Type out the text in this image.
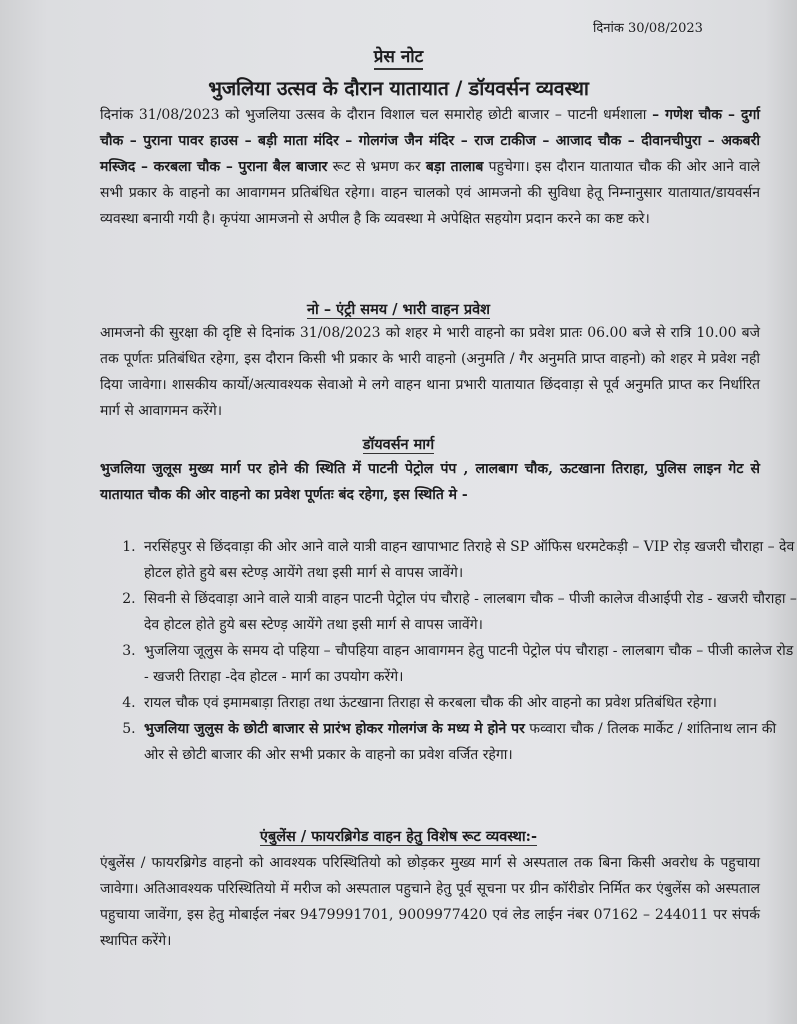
दिनांक 30/08/2023
प्रेस नोट
भुजलिया उत्सव के दौरान यातायात / डॉयवर्सन व्यवस्था
दिनांक 31/08/2023 को भुजलिया उत्सव के दौरान विशाल चल समारोह छोटी बाजार – पाटनी धर्मशाला – गणेश चौक – दुर्गा चौक – पुराना पावर हाउस – बड़ी माता मंदिर – गोलगंज जैन मंदिर – राज टाकीज – आजाद चौक – दीवानचीपुरा – अकबरी मस्जिद – करबला चौक – पुराना बैल बाजार रूट से भ्रमण कर बड़ा तालाब पहुचेगा। इस दौरान यातायात चौक की ओर आने वाले सभी प्रकार के वाहनो का आवागमन प्रतिबंधित रहेगा। वाहन चालको एवं आमजनो की सुविधा हेतू निम्नानुसार यातायात/डायवर्सन व्यवस्था बनायी गयी है। कृपंया आमजनो से अपील है कि व्यवस्था मे अपेक्षित सहयोग प्रदान करने का कष्ट करे।
नो – एंट्री समय / भारी वाहन प्रवेश
आमजनो की सुरक्षा की दृष्टि से दिनांक 31/08/2023 को शहर मे भारी वाहनो का प्रवेश प्रातः 06.00 बजे से रात्रि 10.00 बजे तक पूर्णतः प्रतिबंधित रहेगा, इस दौरान किसी भी प्रकार के भारी वाहनो (अनुमति / गैर अनुमति प्राप्त वाहनो) को शहर मे प्रवेश नही दिया जावेगा। शासकीय कार्यो/अत्यावश्यक सेवाओ मे लगे वाहन थाना प्रभारी यातायात छिंदवाड़ा से पूर्व अनुमति प्राप्त कर निर्धारित मार्ग से आवागमन करेंगे।
डॉयवर्सन मार्ग
भुजलिया जुलूस मुख्य मार्ग पर होने की स्थिति में पाटनी पेट्रोल पंप , लालबाग चौक, ऊटखाना तिराहा, पुलिस लाइन गेट से यातायात चौक की ओर वाहनो का प्रवेश पूर्णतः बंद रहेगा, इस स्थिति मे -
1. नरसिंहपुर से छिंदवाड़ा की ओर आने वाले यात्री वाहन खापाभाट तिराहे से SP ऑफिस धरमटेकड़ी – VIP रोड़ खजरी चौराहा – देव होटल होते हुये बस स्टेण्ड़ आयेंगे तथा इसी मार्ग से वापस जावेंगे।
2. सिवनी से छिंदवाड़ा आने वाले यात्री वाहन पाटनी पेट्रोल पंप चौराहे - लालबाग चौक – पीजी कालेज वीआईपी रोड - खजरी चौराहा – देव होटल होते हुये बस स्टेण्ड़ आयेंगे तथा इसी मार्ग से वापस जावेंगे।
3. भुजलिया जूलुस के समय दो पहिया – चौपहिया वाहन आवागमन हेतु पाटनी पेट्रोल पंप चौराहा - लालबाग चौक – पीजी कालेज रोड - खजरी तिराहा -देव होटल - मार्ग का उपयोग करेंगे।
4. रायल चौक एवं इमामबाड़ा तिराहा तथा ऊंटखाना तिराहा से करबला चौक की ओर वाहनो का प्रवेश प्रतिबंधित रहेगा।
5. भुजलिया जुलुस के छोटी बाजार से प्रारंभ होकर गोलगंज के मध्य मे होने पर फव्वारा चौक / तिलक मार्केट / शांतिनाथ लान की ओर से छोटी बाजार की ओर सभी प्रकार के वाहनो का प्रवेश वर्जित रहेगा।
एंबुलेंस / फायरब्रिगेड वाहन हेतु विशेष रूट व्यवस्था:-
एंबुलेंस / फायरब्रिगेड वाहनो को आवश्यक परिस्थितियो को छोड़कर मुख्य मार्ग से अस्पताल तक बिना किसी अवरोध के पहुचाया जावेगा। अतिआवश्यक परिस्थितियो में मरीज को अस्पताल पहुचाने हेतु पूर्व सूचना पर ग्रीन कॉरीडोर निर्मित कर एंबुलेंस को अस्पताल पहुचाया जावेंगा, इस हेतु मोबाईल नंबर 9479991701, 9009977420 एवं लेड लाईन नंबर 07162 – 244011 पर संपर्क स्थापित करेंगे।
